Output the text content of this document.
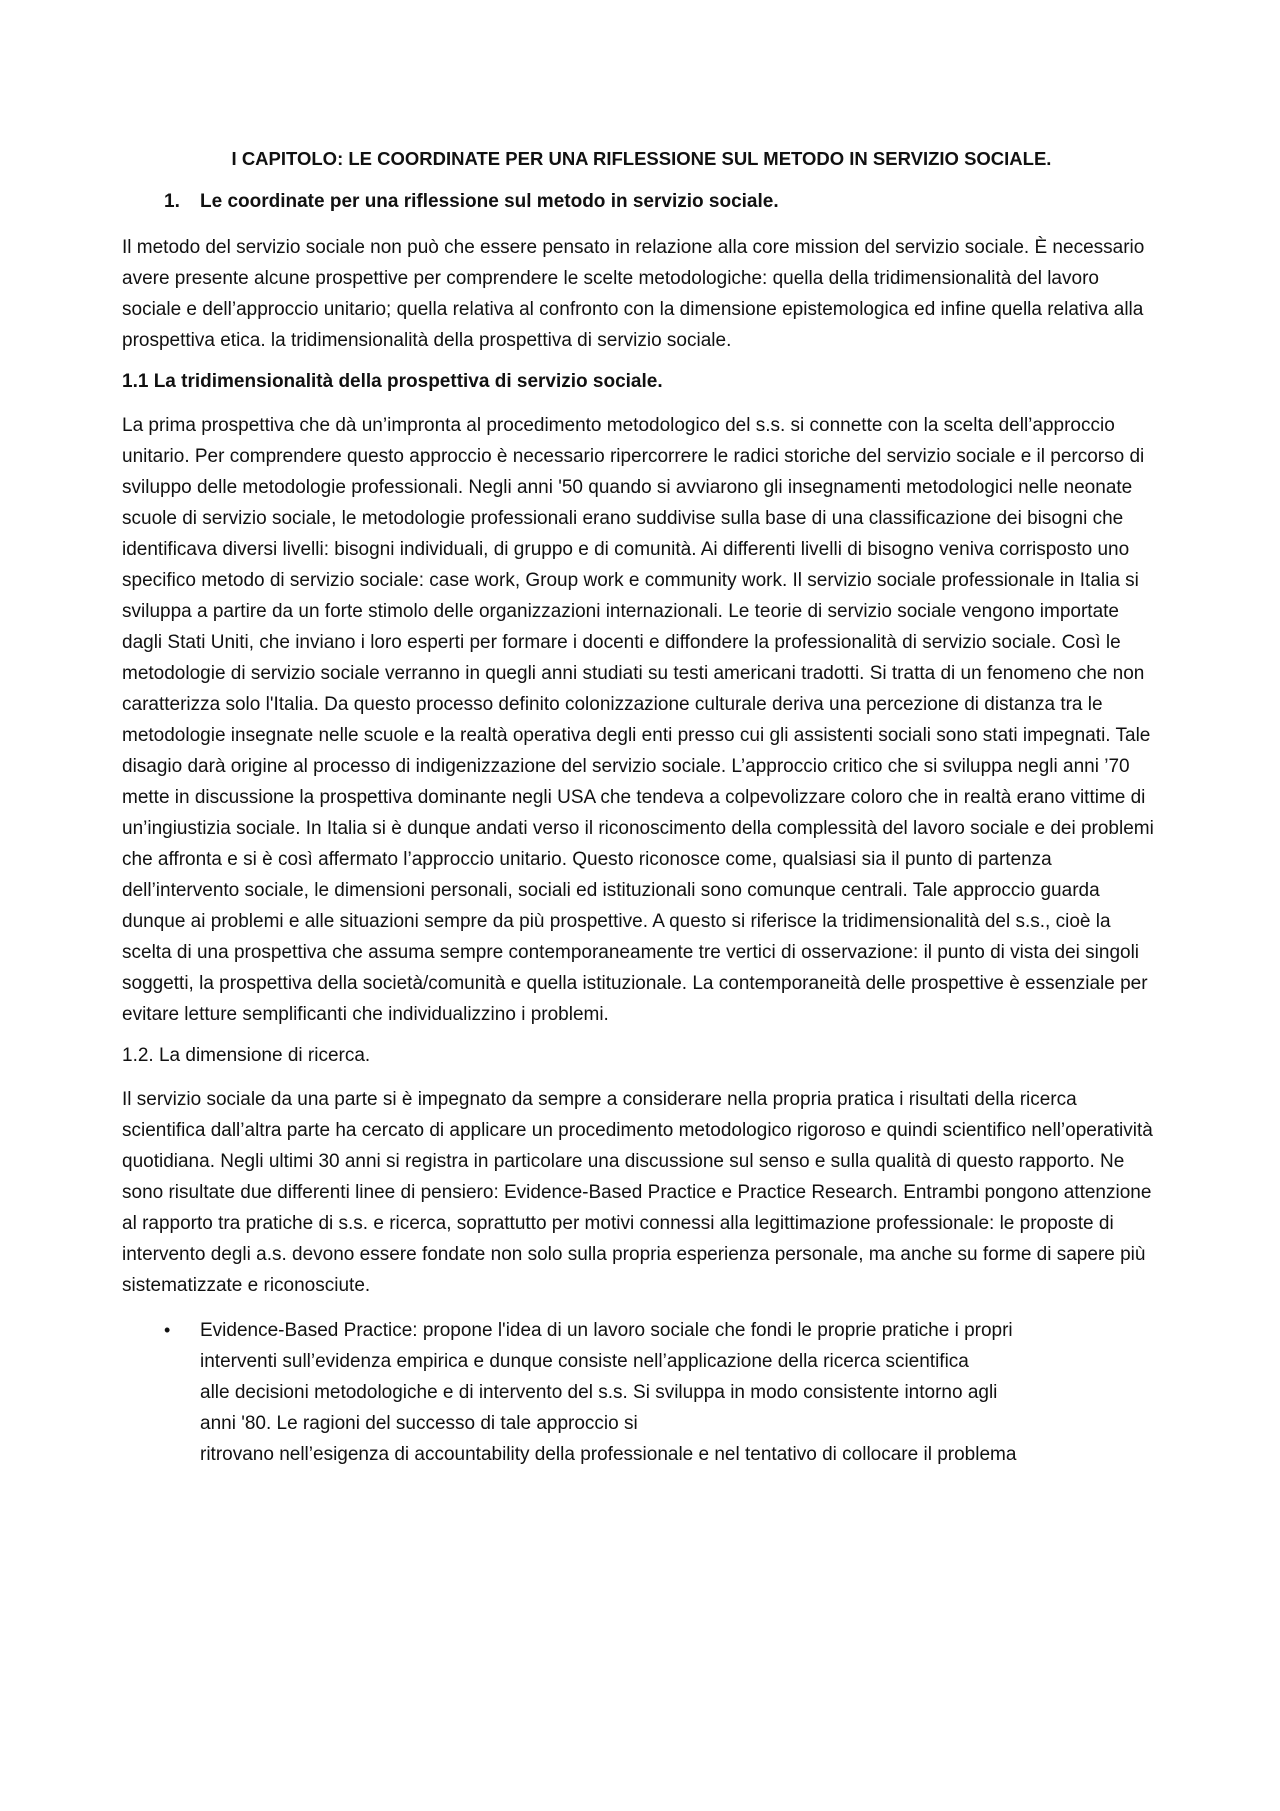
I CAPITOLO: LE COORDINATE PER UNA RIFLESSIONE SUL METODO IN SERVIZIO SOCIALE.
1. Le coordinate per una riflessione sul metodo in servizio sociale.

Il metodo del servizio sociale non può che essere pensato in relazione alla core mission del servizio sociale. È necessario avere presente alcune prospettive per comprendere le scelte metodologiche: quella della tridimensionalità del lavoro sociale e dell’approccio unitario; quella relativa al confronto con la dimensione epistemologica ed infine quella relativa alla prospettiva etica. la tridimensionalità della prospettiva di servizio sociale.

1.1 La tridimensionalità della prospettiva di servizio sociale.

La prima prospettiva che dà un’impronta al procedimento metodologico del s.s. si connette con la scelta dell’approccio unitario. Per comprendere questo approccio è necessario ripercorrere le radici storiche del servizio sociale e il percorso di sviluppo delle metodologie professionali. Negli anni '50 quando si avviarono gli insegnamenti metodologici nelle neonate scuole di servizio sociale, le metodologie professionali erano suddivise sulla base di una classificazione dei bisogni che identificava diversi livelli: bisogni individuali, di gruppo e di comunità. Ai differenti livelli di bisogno veniva corrisposto uno specifico metodo di servizio sociale: case work, Group work e community work. Il servizio sociale professionale in Italia si sviluppa a partire da un forte stimolo delle organizzazioni internazionali. Le teorie di servizio sociale vengono importate dagli Stati Uniti, che inviano i loro esperti per formare i docenti e diffondere la professionalità di servizio sociale. Così le metodologie di servizio sociale verranno in quegli anni studiati su testi americani tradotti. Si tratta di un fenomeno che non caratterizza solo l'Italia. Da questo processo definito colonizzazione culturale deriva una percezione di distanza tra le metodologie insegnate nelle scuole e la realtà operativa degli enti presso cui gli assistenti sociali sono stati impegnati. Tale disagio darà origine al processo di indigenizzazione del servizio sociale. L’approccio critico che si sviluppa negli anni ’70 mette in discussione la prospettiva dominante negli USA che tendeva a colpevolizzare coloro che in realtà erano vittime di un’ingiustizia sociale. In Italia si è dunque andati verso il riconoscimento della complessità del lavoro sociale e dei problemi che affronta e si è così affermato l’approccio unitario. Questo riconosce come, qualsiasi sia il punto di partenza dell’intervento sociale, le dimensioni personali, sociali ed istituzionali sono comunque centrali. Tale approccio guarda dunque ai problemi e alle situazioni sempre da più prospettive. A questo si riferisce la tridimensionalità del s.s., cioè la scelta di una prospettiva che assuma sempre contemporaneamente tre vertici di osservazione: il punto di vista dei singoli soggetti, la prospettiva della società/comunità e quella istituzionale. La contemporaneità delle prospettive è essenziale per evitare letture semplificanti che individualizzino i problemi.

1.2. La dimensione di ricerca.

Il servizio sociale da una parte si è impegnato da sempre a considerare nella propria pratica i risultati della ricerca scientifica dall’altra parte ha cercato di applicare un procedimento metodologico rigoroso e quindi scientifico nell’operatività quotidiana. Negli ultimi 30 anni si registra in particolare una discussione sul senso e sulla qualità di questo rapporto. Ne sono risultate due differenti linee di pensiero: Evidence-Based Practice e Practice Research. Entrambi pongono attenzione al rapporto tra pratiche di s.s. e ricerca, soprattutto per motivi connessi alla legittimazione professionale: le proposte di intervento degli a.s. devono essere fondate non solo sulla propria esperienza personale, ma anche su forme di sapere più sistematizzate e riconosciute.

• Evidence-Based Practice: propone l'idea di un lavoro sociale che fondi le proprie pratiche i propri
interventi sull’evidenza empirica e dunque consiste nell’applicazione della ricerca scientifica
alle decisioni metodologiche e di intervento del s.s. Si sviluppa in modo consistente intorno agli
anni '80. Le ragioni del successo di tale approccio si
ritrovano nell’esigenza di accountability della professionale e nel tentativo di collocare il problema
